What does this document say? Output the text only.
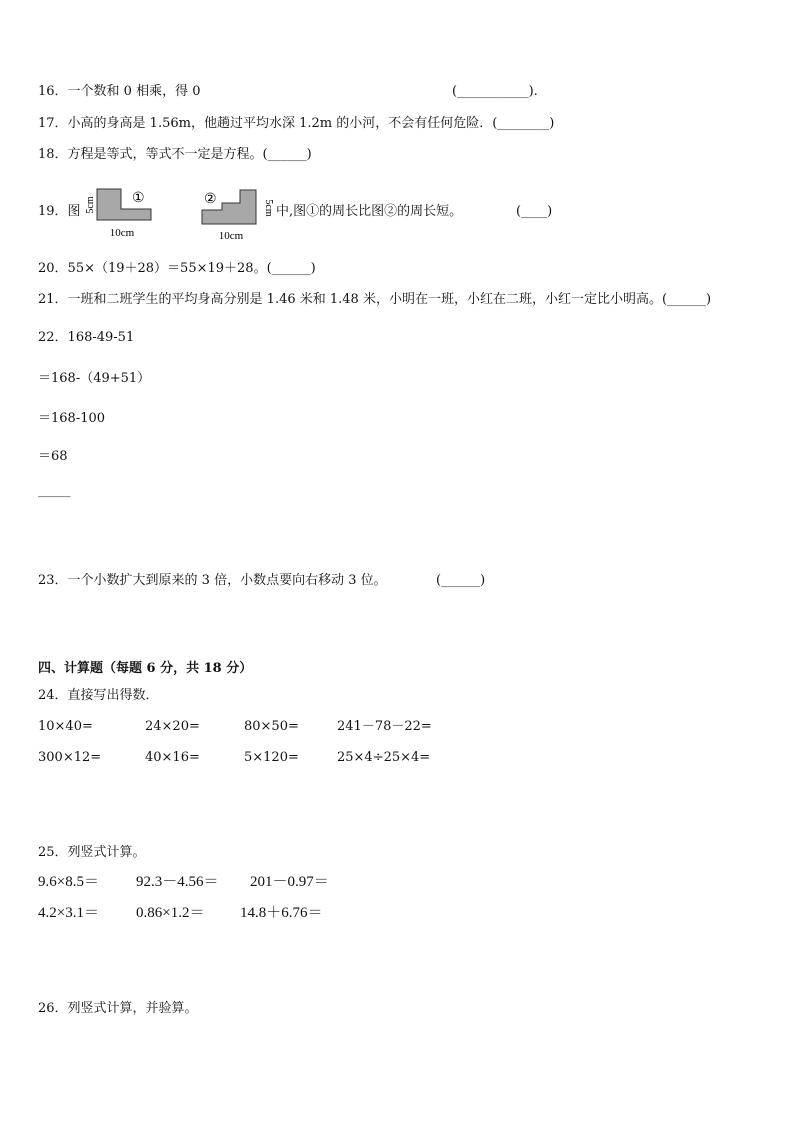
16．一个数和 0 相乘，得 0	(___________).
17．小高的身高是 1.56m，他趟过平均水深 1.2m 的小河，不会有任何危险．(________)
18．方程是等式，等式不一定是方程。(______)
19．图
①
5cm
10cm
②	5cm
10cm
中,图①的周长比图②的周长短。	(____)
20．55×（19＋28）＝55×19＋28。(______)
21．一班和二班学生的平均身高分别是 1.46 米和 1.48 米，小明在一班，小红在二班，小红一定比小明高。(______)
22．168-49-51
＝168-（49+51）
＝168-100
＝68
_____
23．一个小数扩大到原来的 3 倍，小数点要向右移动 3 位。	(______)
四、计算题（每题 6 分，共 18 分）
24．直接写出得数．
10×40=	24×20=	80×50=	241－78－22=
300×12=	40×16=	5×120=	25×4÷25×4=
25．列竖式计算。
9.6×8.5＝ 92.3－4.56＝ 201－0.97＝
4.2×3.1＝ 0.86×1.2＝ 14.8＋6.76＝
26．列竖式计算，并验算。
